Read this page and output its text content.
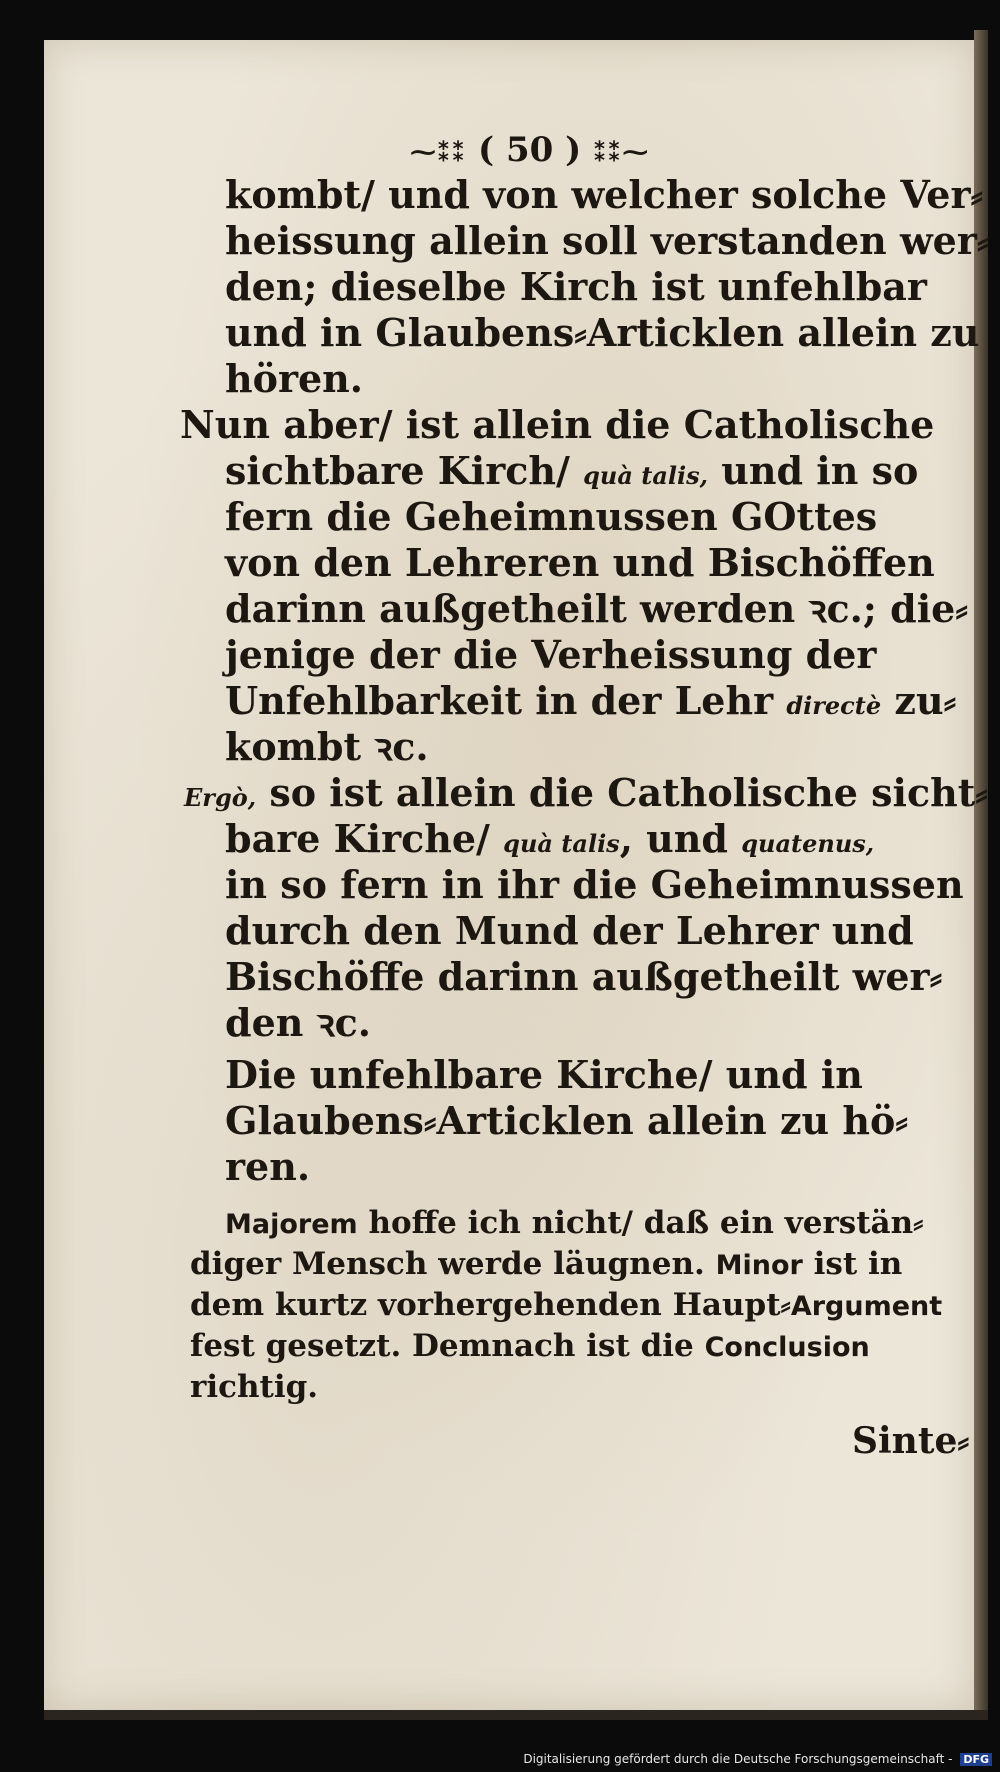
⁓⁑⁑ ( 50 ) ⁑⁑⁓
kombt/ und von welcher solche Ver⸗
heissung allein soll verstanden wer⸗
den; dieselbe Kirch ist unfehlbar
und in Glaubens⸗Articklen allein zu
hören.
Nun aber/ ist allein die Catholische
sichtbare Kirch/ quà talis, und in so
fern die Geheimnussen GOttes
von den Lehreren und Bischöffen
darinn außgetheilt werden ꝛc.; die⸗
jenige der die Verheissung der
Unfehlbarkeit in der Lehr directè zu⸗
kombt ꝛc.
Ergò, so ist allein die Catholische sicht⸗
bare Kirche/ quà talis, und quatenus,
in so fern in ihr die Geheimnussen
durch den Mund der Lehrer und
Bischöffe darinn außgetheilt wer⸗
den ꝛc.
Die unfehlbare Kirche/ und in
Glaubens⸗Articklen allein zu hö⸗
ren.
Majorem hoffe ich nicht/ daß ein verstän⸗
diger Mensch werde läugnen. Minor ist in
dem kurtz vorhergehenden Haupt⸗Argument
fest gesetzt. Demnach ist die Conclusion
richtig.
Sinte⸗
Digitalisierung gefördert durch die Deutsche Forschungsgemeinschaft - DFG
